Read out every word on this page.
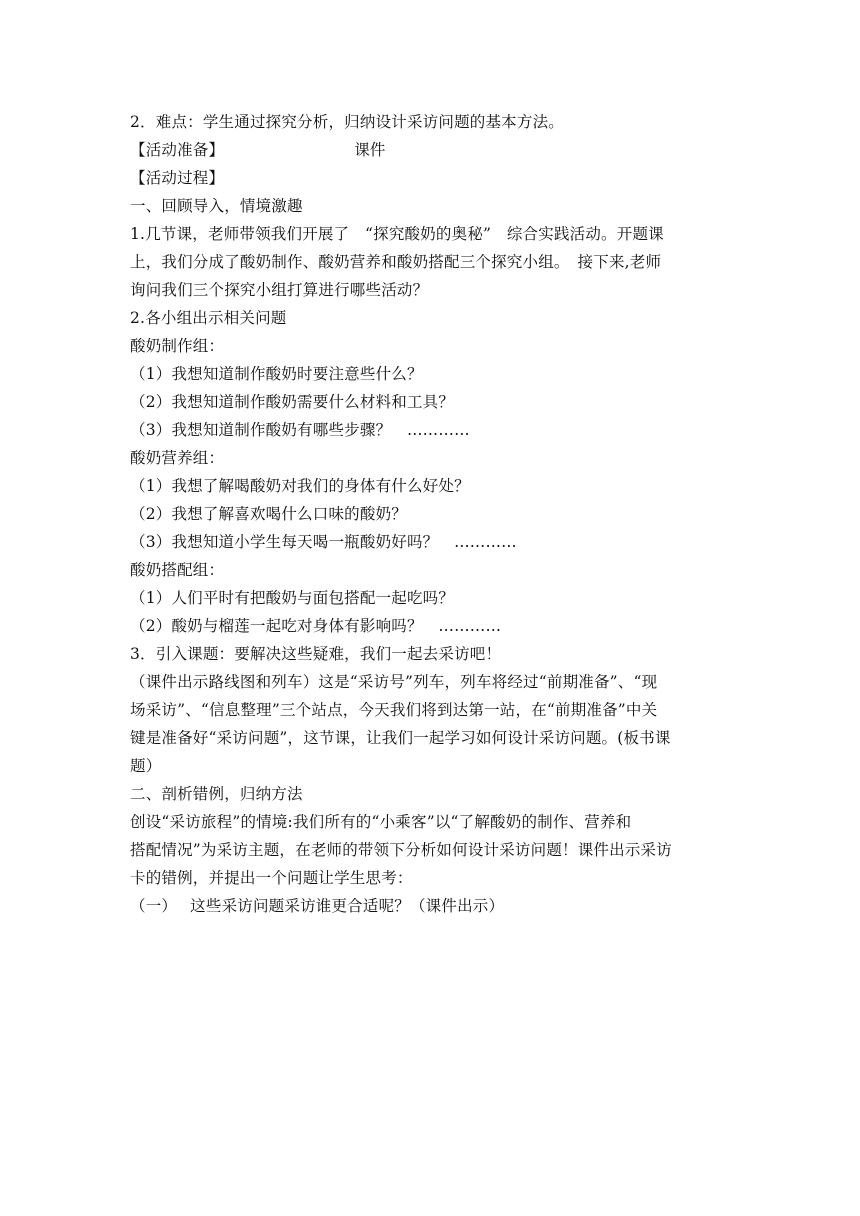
2．难点：学生通过探究分析，归纳设计采访问题的基本方法。
【活动准备】	课件
【活动过程】
一、回顾导入，情境激趣
1.几节课，老师带领我们开展了　“探究酸奶的奥秘”　综合实践活动。开题课
上，我们分成了酸奶制作、酸奶营养和酸奶搭配三个探究小组。　接下来,老师
询问我们三个探究小组打算进行哪些活动？
2.各小组出示相关问题
酸奶制作组：
（1）我想知道制作酸奶时要注意些什么？
（2）我想知道制作酸奶需要什么材料和工具？
（3）我想知道制作酸奶有哪些步骤？　…………
酸奶营养组：
（1）我想了解喝酸奶对我们的身体有什么好处？
（2）我想了解喜欢喝什么口味的酸奶？
（3）我想知道小学生每天喝一瓶酸奶好吗？　…………
酸奶搭配组：
（1）人们平时有把酸奶与面包搭配一起吃吗？
（2）酸奶与榴莲一起吃对身体有影响吗？　…………
3．引入课题：要解决这些疑难，我们一起去采访吧！
（课件出示路线图和列车）这是“采访号”列车，列车将经过“前期准备”、“现
场采访”、“信息整理”三个站点，今天我们将到达第一站，在“前期准备”中关
键是准备好“采访问题”，这节课，让我们一起学习如何设计采访问题。(板书课
题）
二、剖析错例，归纳方法
创设“采访旅程”的情境:我们所有的“小乘客”以“了解酸奶的制作、营养和
搭配情况”为采访主题，在老师的带领下分析如何设计采访问题！课件出示采访
卡的错例，并提出一个问题让学生思考：
（一）　 这些采访问题采访谁更合适呢？（课件出示）
